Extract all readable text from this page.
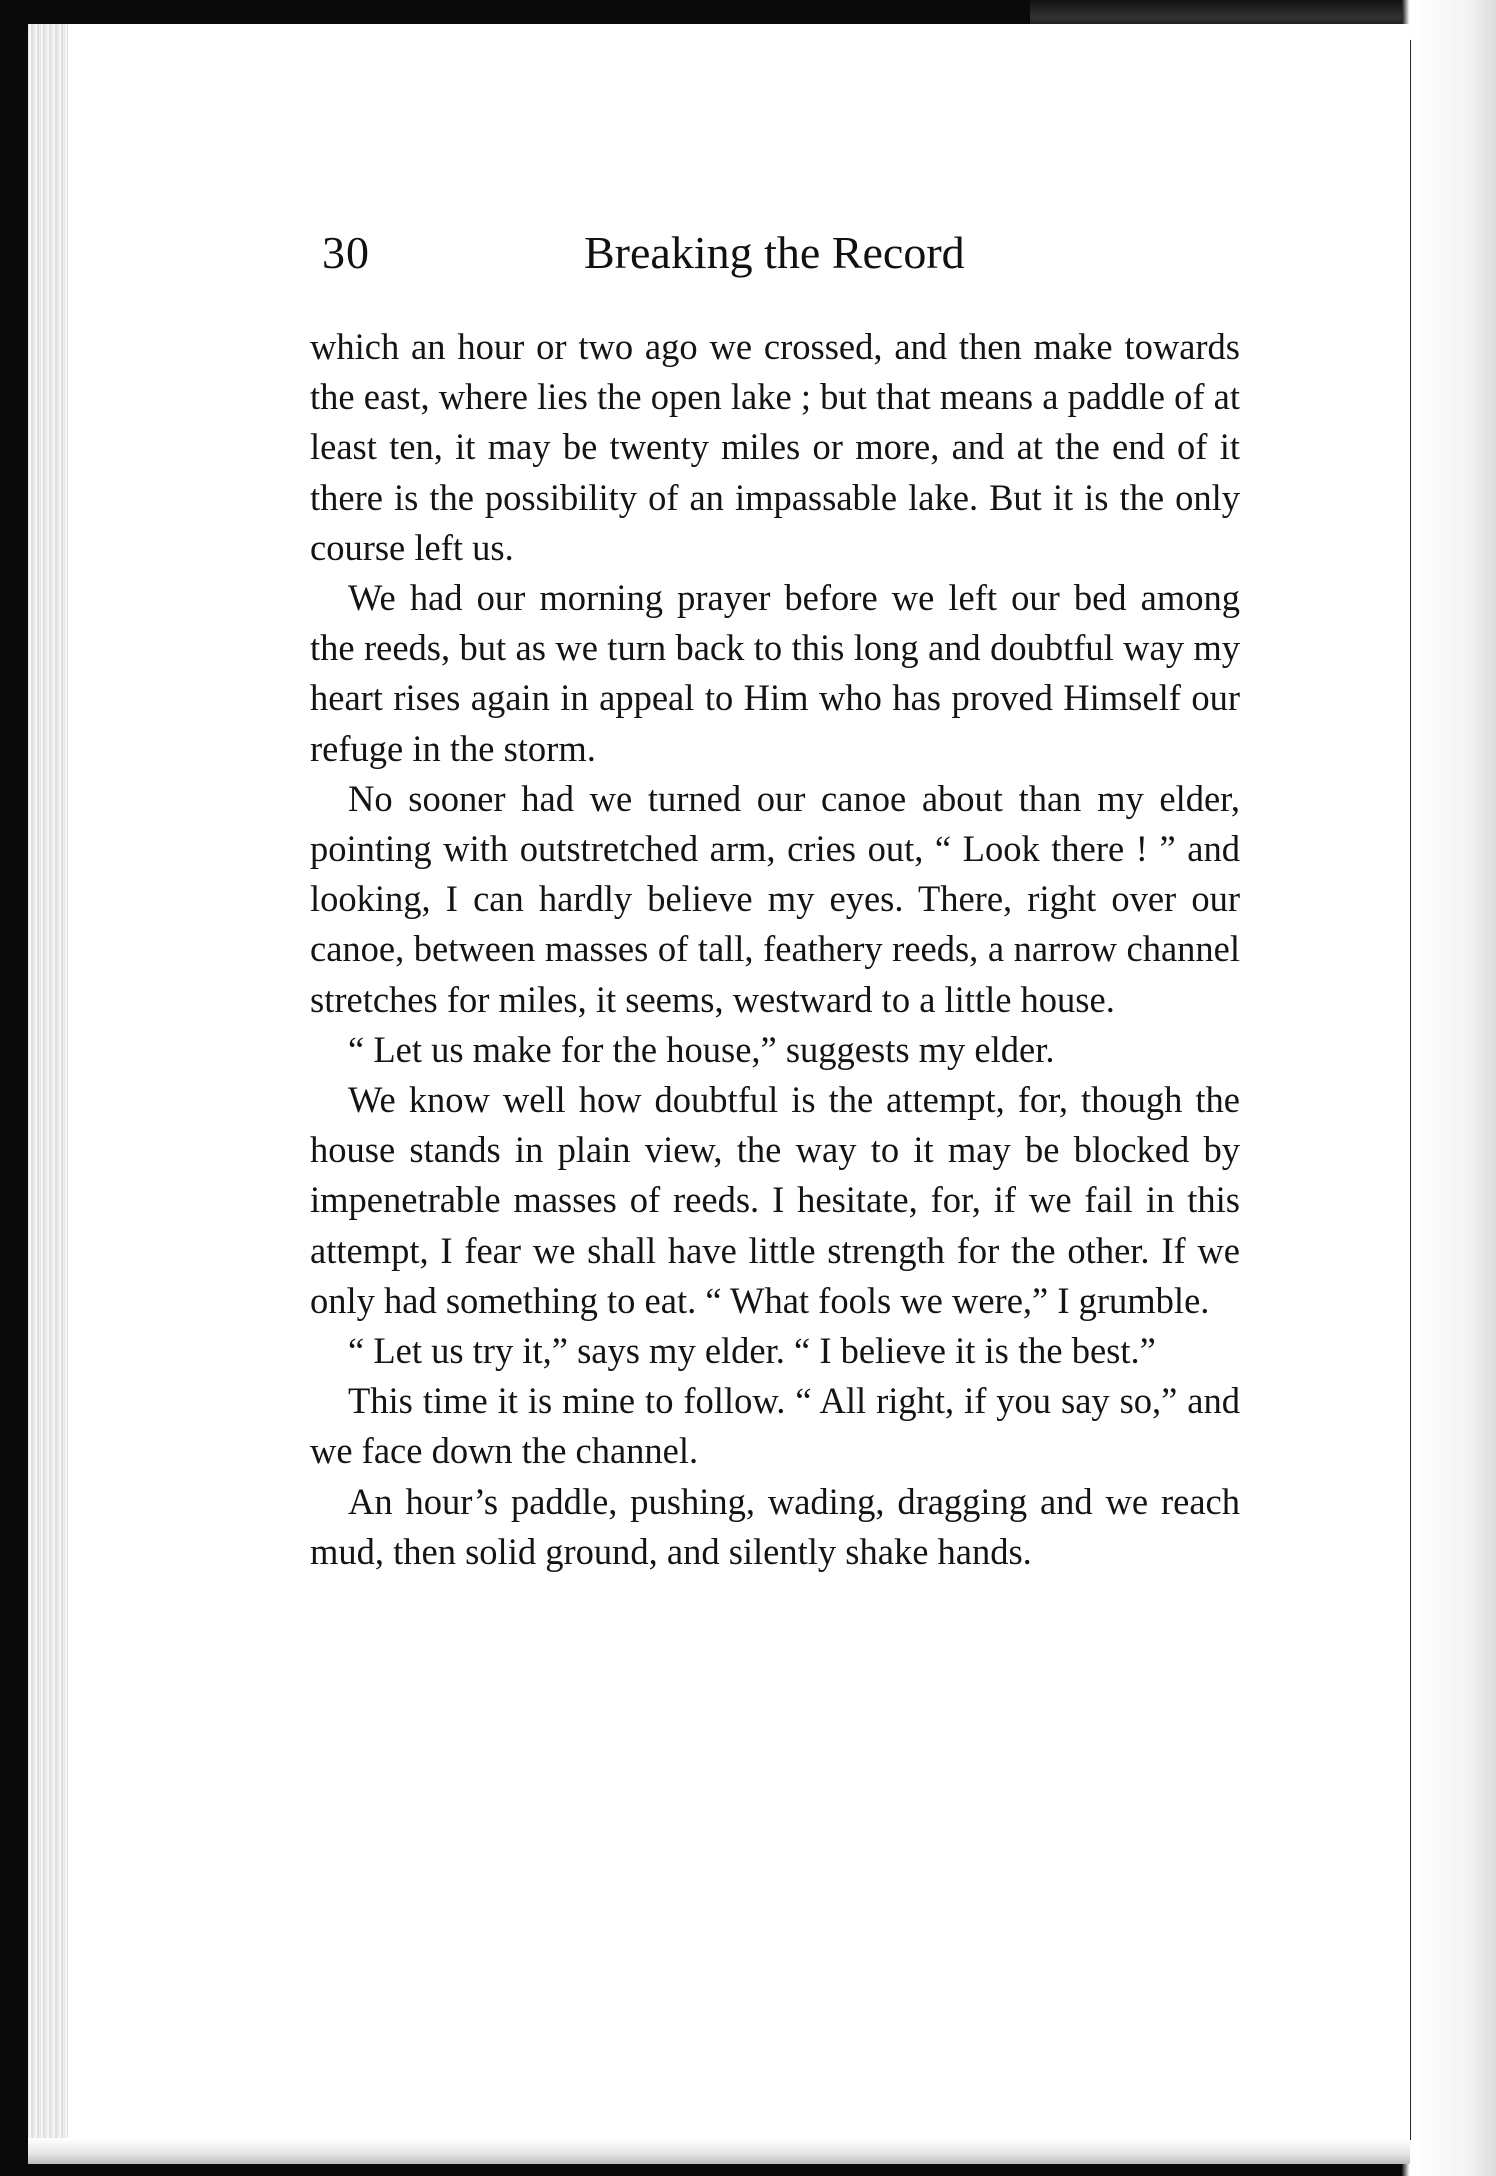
30	Breaking the Record

which an hour or two ago we crossed, and then make towards the east, where lies the open lake ; but that means a paddle of at least ten, it may be twenty miles or more, and at the end of it there is the possibility of an impassable lake. But it is the only course left us.

We had our morning prayer before we left our bed among the reeds, but as we turn back to this long and doubtful way my heart rises again in appeal to Him who has proved Himself our refuge in the storm.

No sooner had we turned our canoe about than my elder, pointing with outstretched arm, cries out, “ Look there ! ” and looking, I can hardly believe my eyes. There, right over our canoe, between masses of tall, feathery reeds, a narrow channel stretches for miles, it seems, westward to a little house.

“ Let us make for the house,” suggests my elder.

We know well how doubtful is the attempt, for, though the house stands in plain view, the way to it may be blocked by impenetrable masses of reeds. I hesitate, for, if we fail in this attempt, I fear we shall have little strength for the other. If we only had something to eat. “ What fools we were,” I grumble.

“ Let us try it,” says my elder. “ I believe it is the best.”

This time it is mine to follow. “ All right, if you say so,” and we face down the channel.

An hour’s paddle, pushing, wading, dragging and we reach mud, then solid ground, and silently shake hands.
